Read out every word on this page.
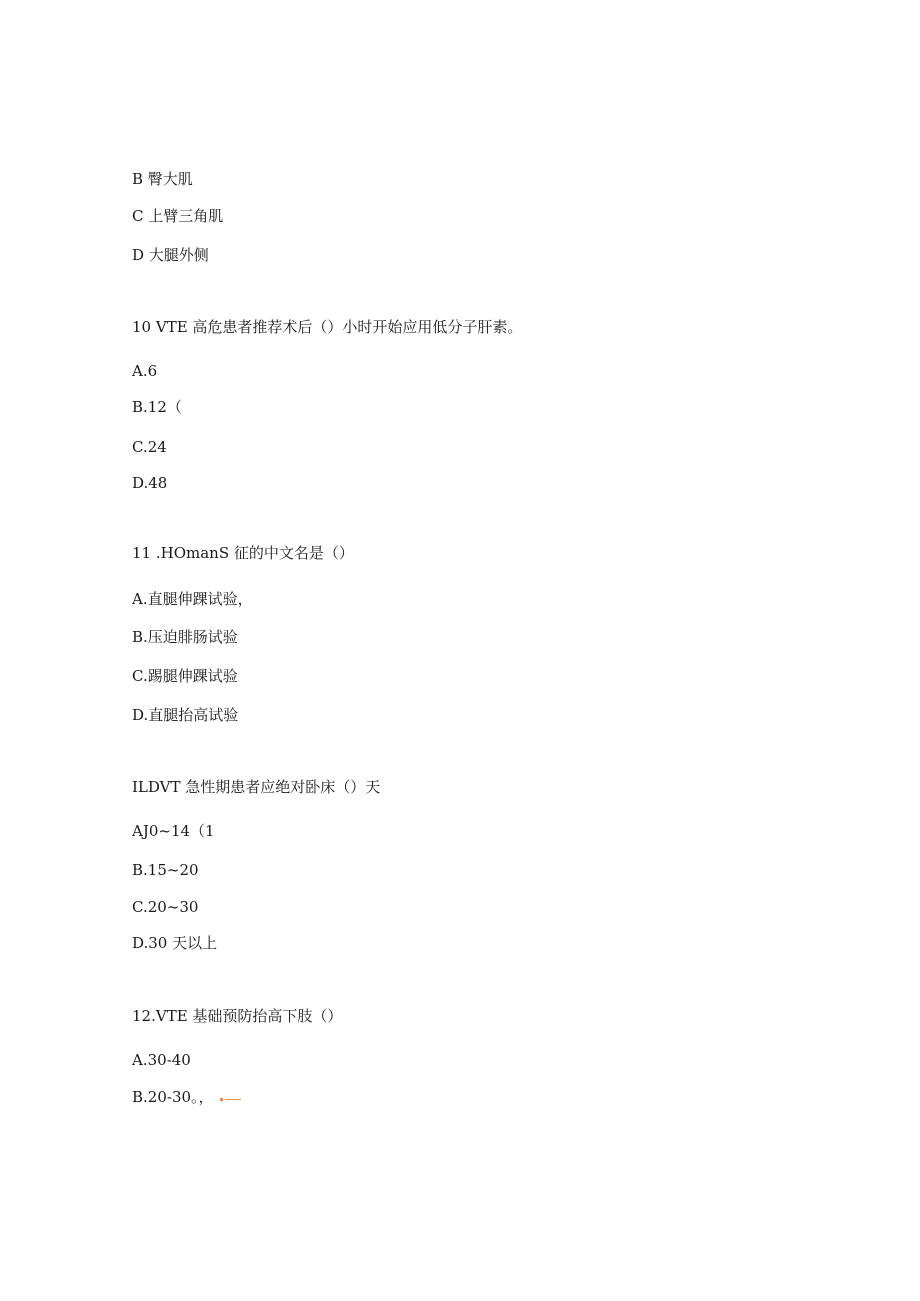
B 臀大肌

C 上臂三角肌

D 大腿外侧

10 VTE 高危患者推荐术后（）小时开始应用低分子肝素。

A.6

B.12（

C.24

D.48

11 .HOmanS 征的中文名是（）

A.直腿伸踝试验，

B.压迫腓肠试验

C.踢腿伸踝试验

D.直腿抬高试验

ILDVT 急性期患者应绝对卧床（）天

AJ0~14（1

B.15~20

C.20~30

D.30 天以上

12.VTE 基础预防抬高下肢（）

A.30-40

B.20-30。，
